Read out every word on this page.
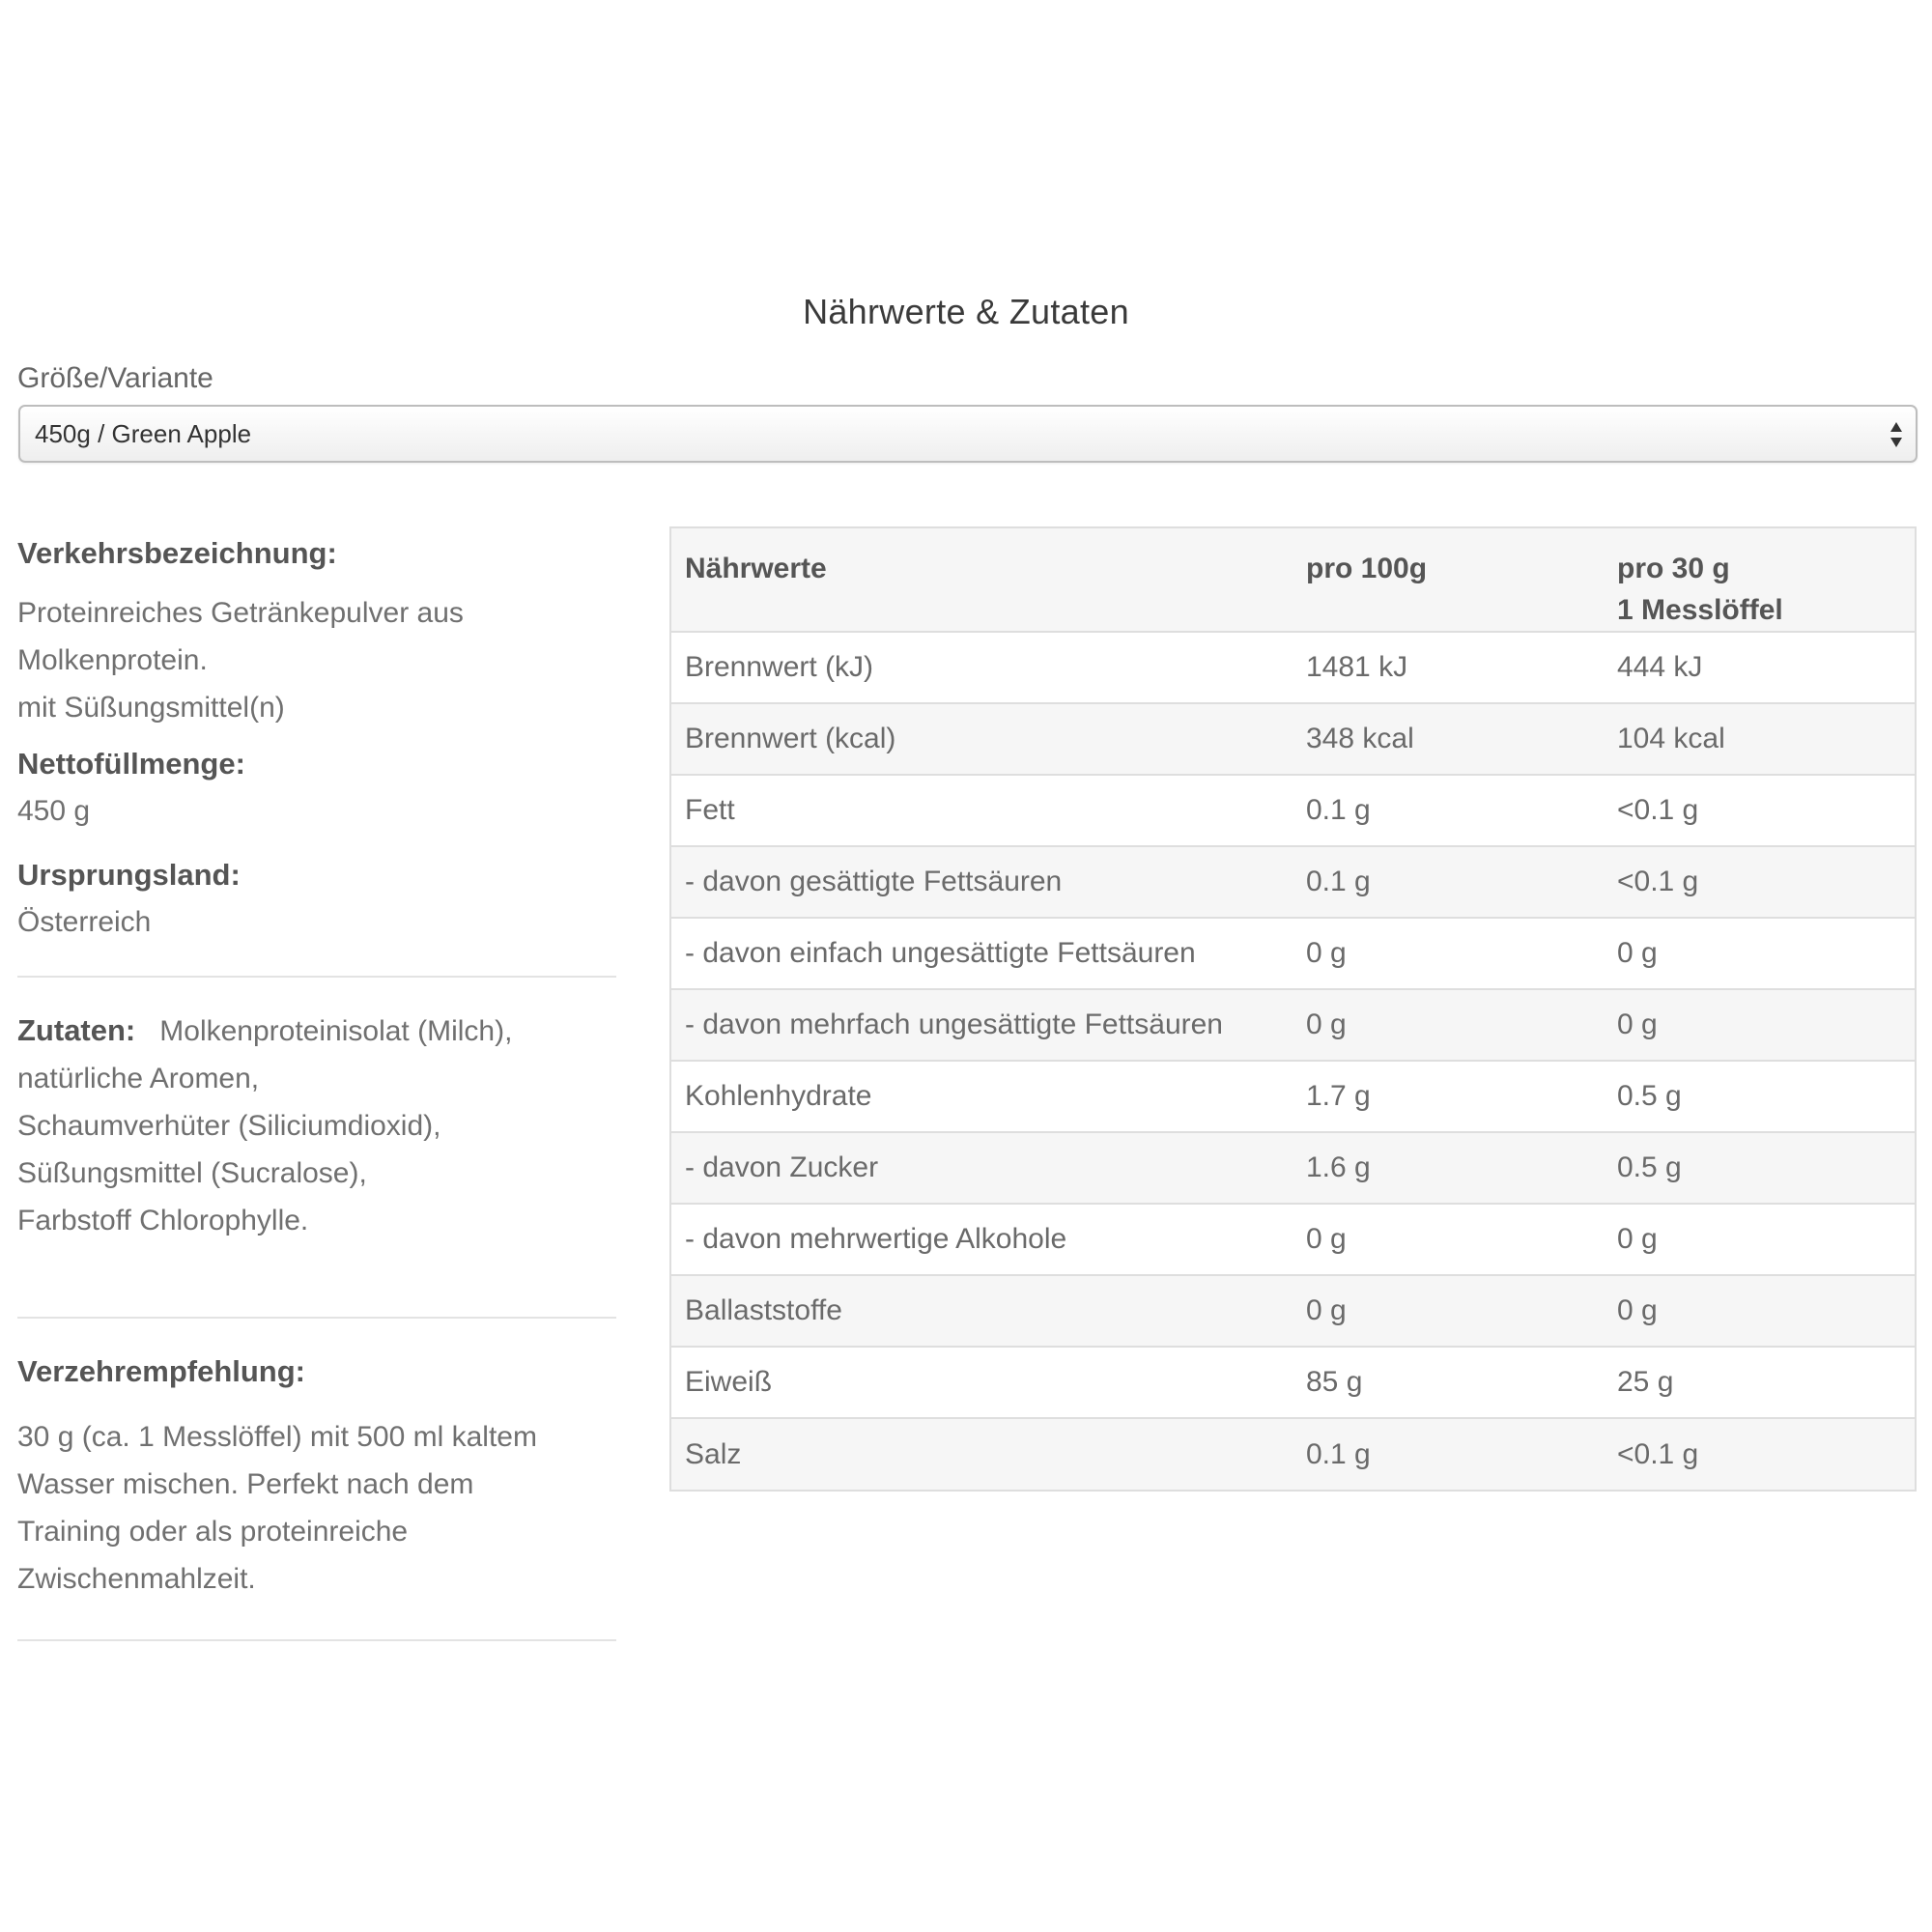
Nährwerte & Zutaten
Größe/Variante
450g / Green Apple
Verkehrsbezeichnung:
Proteinreiches Getränkepulver aus
Molkenprotein.
mit Süßungsmittel(n)
Nettofüllmenge:
450 g
Ursprungsland:
Österreich
Zutaten: Molkenproteinisolat (Milch),
natürliche Aromen,
Schaumverhüter (Siliciumdioxid),
Süßungsmittel (Sucralose),
Farbstoff Chlorophylle.
Verzehrempfehlung:
30 g (ca. 1 Messlöffel) mit 500 ml kaltem
Wasser mischen. Perfekt nach dem
Training oder als proteinreiche
Zwischenmahlzeit.
Nährwerte	pro 100g	pro 30 g
1 Messlöffel

Brennwert (kJ)	1481 kJ	444 kJ
Brennwert (kcal)	348 kcal	104 kcal
Fett	0.1 g	<0.1 g
- davon gesättigte Fettsäuren	0.1 g	<0.1 g
- davon einfach ungesättigte Fettsäuren	0 g	0 g
- davon mehrfach ungesättigte Fettsäuren	0 g	0 g
Kohlenhydrate	1.7 g	0.5 g
- davon Zucker	1.6 g	0.5 g
- davon mehrwertige Alkohole	0 g	0 g
Ballaststoffe	0 g	0 g
Eiweiß	85 g	25 g
Salz	0.1 g	<0.1 g
